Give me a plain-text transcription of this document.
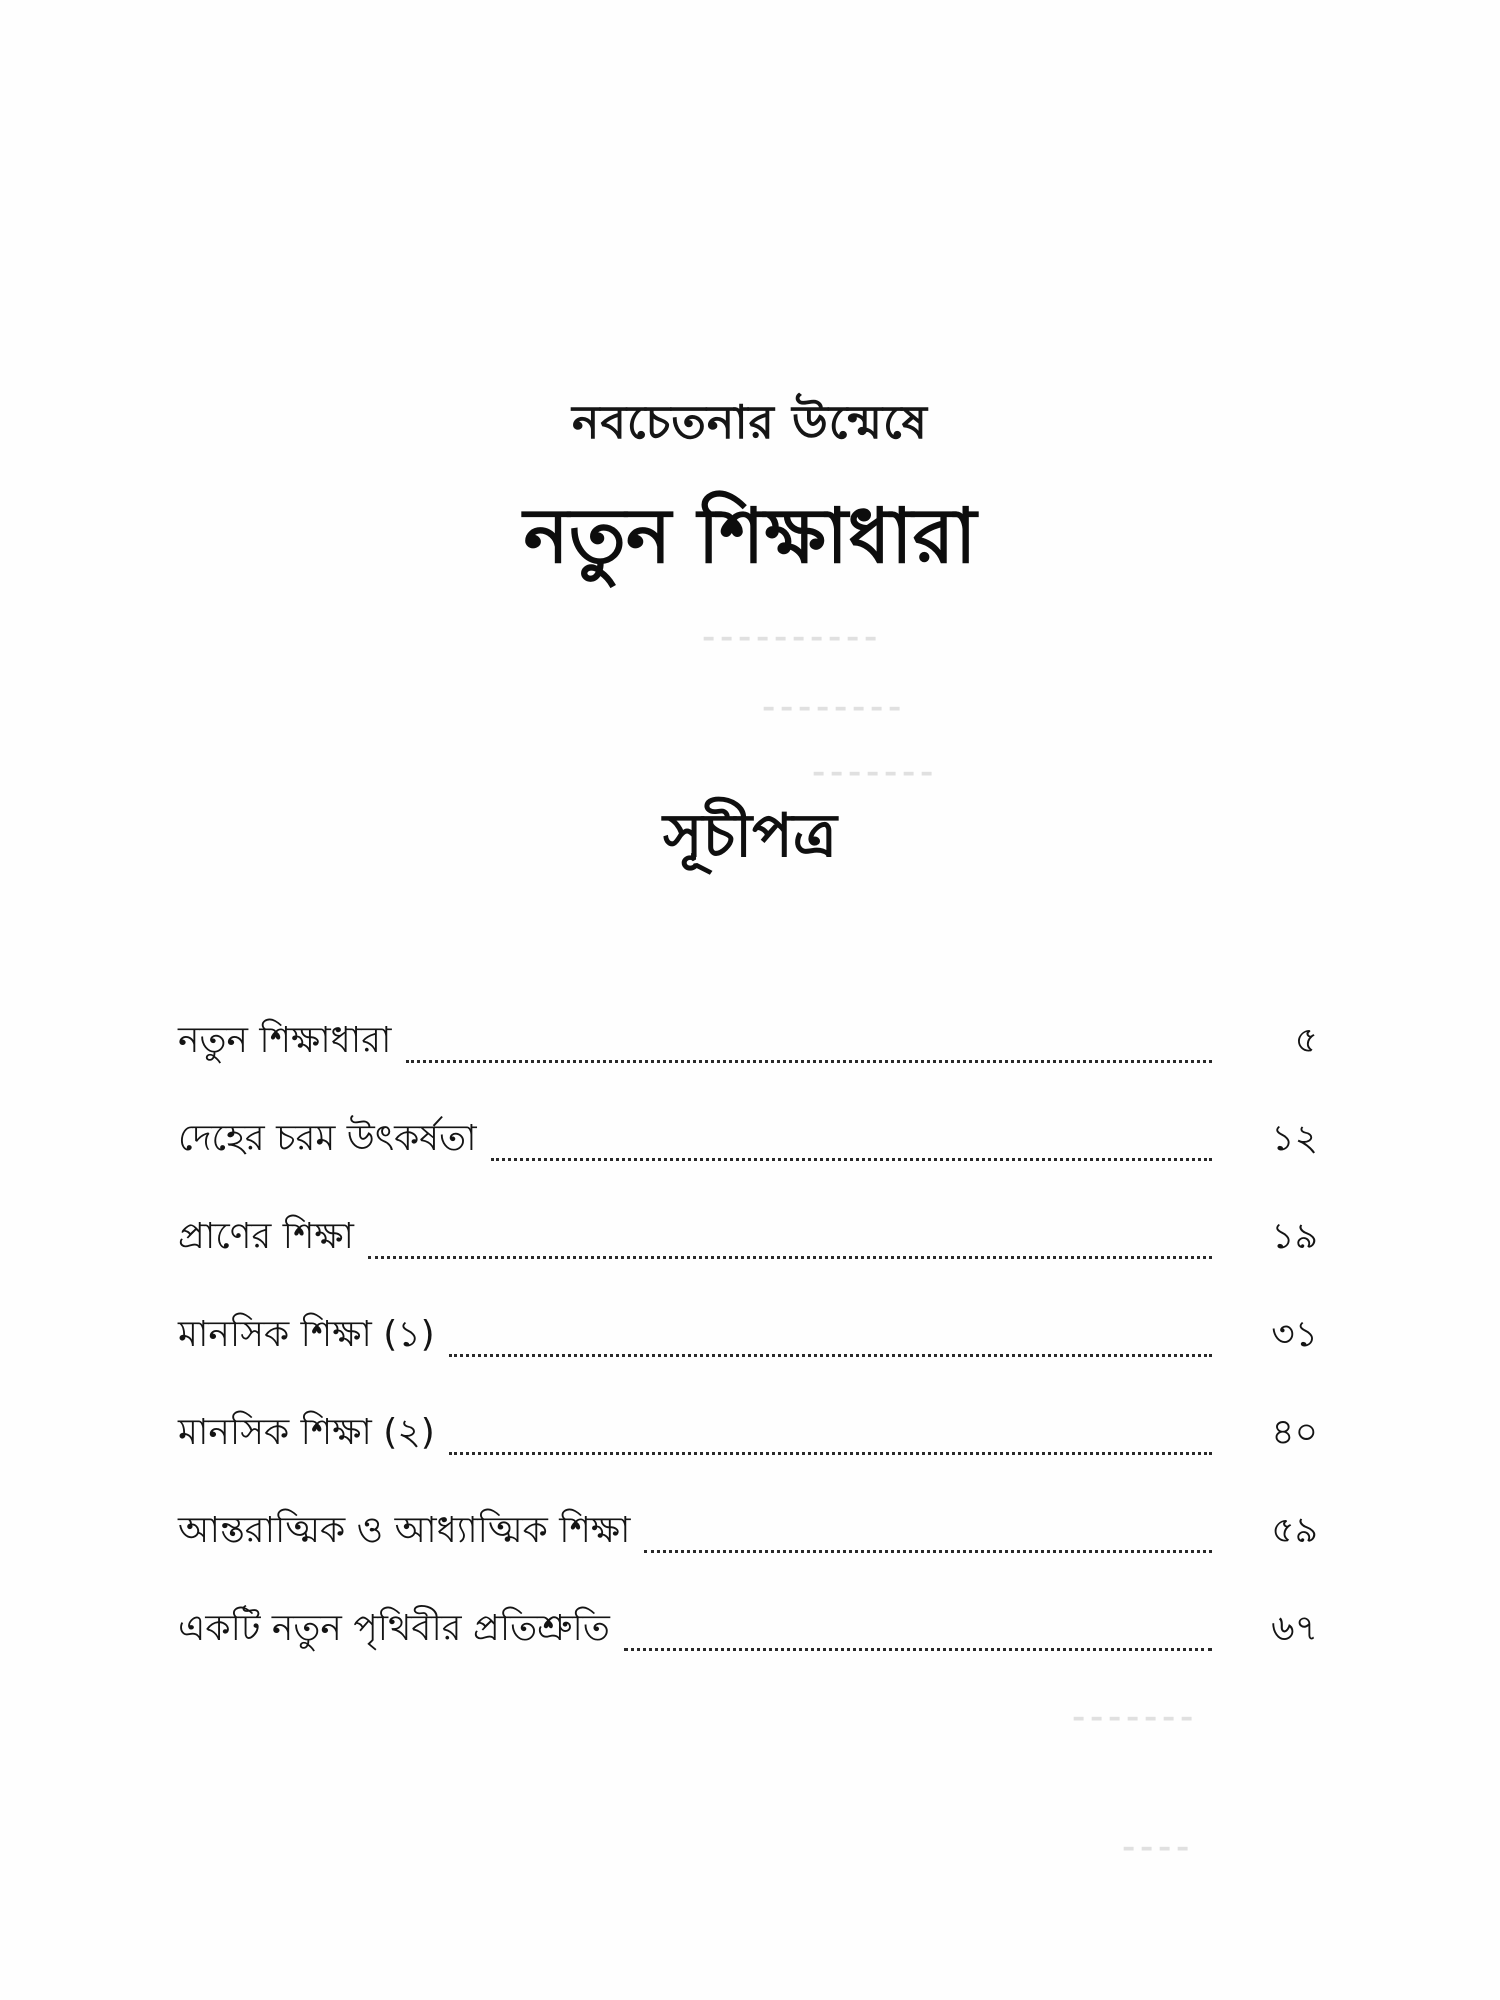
⁃⁃⁃⁃⁃⁃⁃⁃⁃⁃
⁃⁃⁃⁃⁃⁃⁃⁃
⁃⁃⁃⁃⁃⁃⁃
⁃⁃⁃⁃⁃⁃⁃
⁃⁃⁃⁃
নবচেতনার উন্মেষে
নতুন শিক্ষাধারা
সূচীপত্র
নতুন শিক্ষাধারা	৫
দেহের চরম উৎকর্ষতা	১২
প্রাণের শিক্ষা	১৯
মানসিক শিক্ষা (১)	৩১
মানসিক শিক্ষা (২)	৪০
আন্তরাত্মিক ও আধ্যাত্মিক শিক্ষা	৫৯
একটি নতুন পৃথিবীর প্রতিশ্রুতি	৬৭
